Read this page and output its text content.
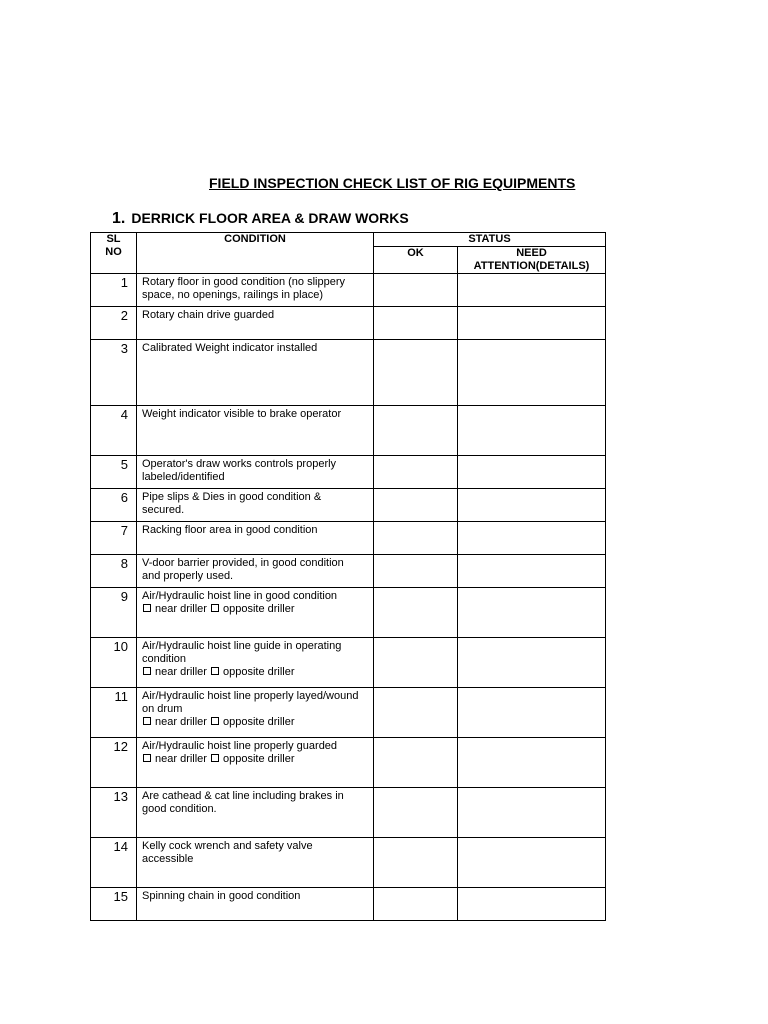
FIELD INSPECTION CHECK LIST OF RIG EQUIPMENTS
1. DERRICK FLOOR AREA & DRAW WORKS
SL
NO	CONDITION	STATUS	
		OK	NEED
ATTENTION(DETAILS)
1	Rotary floor in good condition (no slippery
space, no openings, railings in place)		

2	Rotary chain drive guarded		

3	Calibrated Weight indicator installed		

4	Weight indicator visible to brake operator		

5	Operator's draw works controls properly
labeled/identified		

6	Pipe slips & Dies in good condition &
secured.		

7	Racking floor area in good condition		

8	V-door barrier provided, in good condition
and properly used.		

9	Air/Hydraulic hoist line in good condition
near driller opposite driller		

10	Air/Hydraulic hoist line guide in operating
condition
near driller opposite driller		

11	Air/Hydraulic hoist line properly layed/wound
on drum
near driller opposite driller		

12	Air/Hydraulic hoist line properly guarded
near driller opposite driller		

13	Are cathead & cat line including brakes in
good condition.		

14	Kelly cock wrench and safety valve
accessible		

15	Spinning chain in good condition		
